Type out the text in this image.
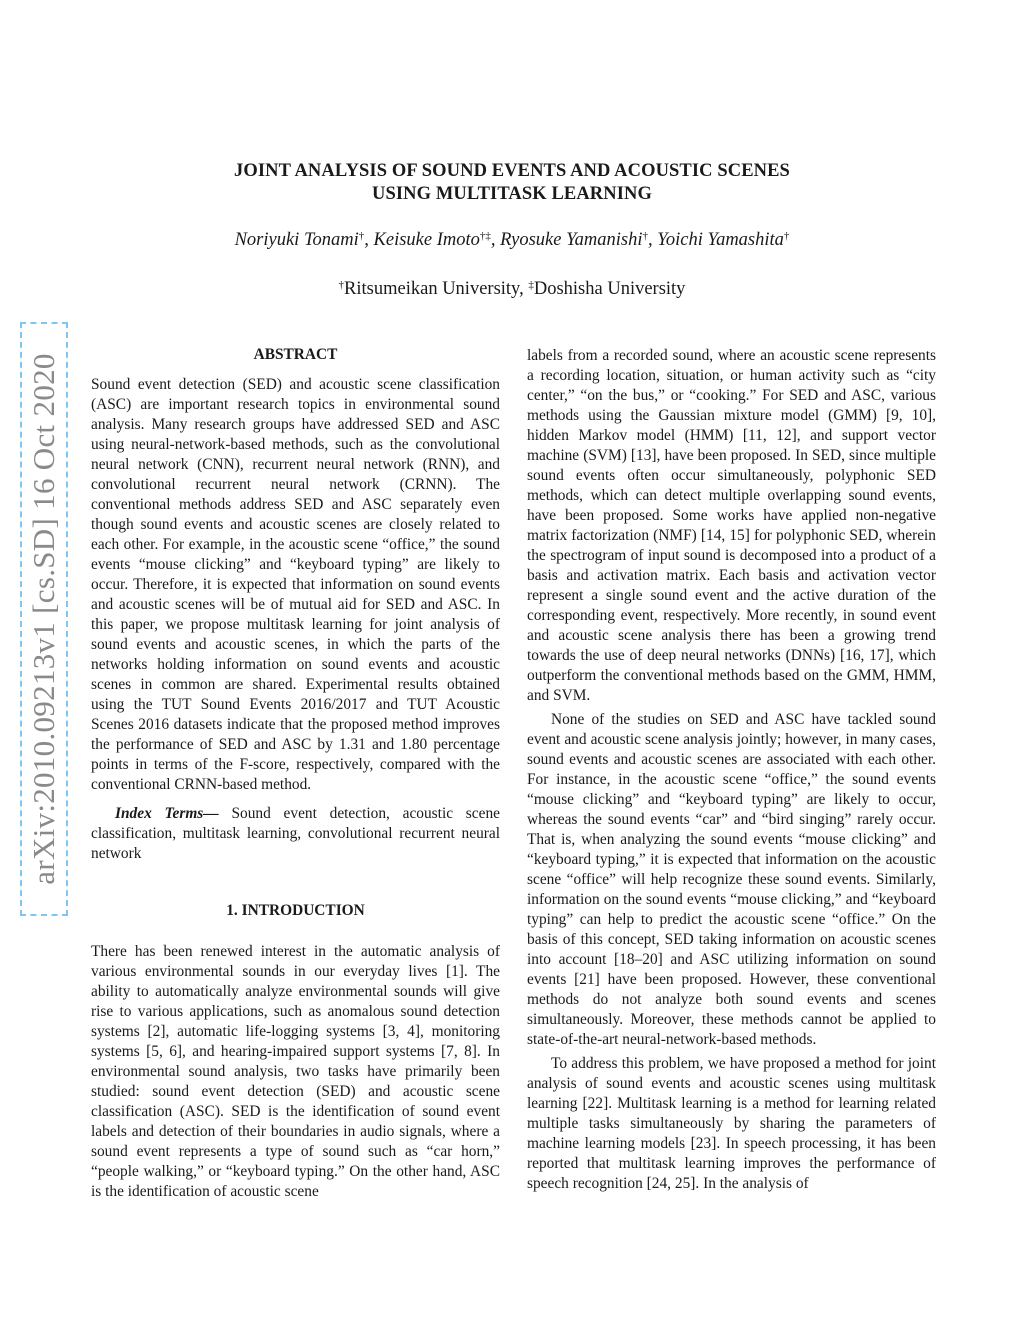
arXiv:2010.09213v1 [cs.SD] 16 Oct 2020
JOINT ANALYSIS OF SOUND EVENTS AND ACOUSTIC SCENES
USING MULTITASK LEARNING
Noriyuki Tonami†, Keisuke Imoto†‡, Ryosuke Yamanishi†, Yoichi Yamashita†
†Ritsumeikan University, ‡Doshisha University
ABSTRACT

Sound event detection (SED) and acoustic scene classification (ASC) are important research topics in environmental sound analysis. Many research groups have addressed SED and ASC using neural-network-based methods, such as the convolutional neural network (CNN), recurrent neural network (RNN), and convolutional recurrent neural network (CRNN). The conventional methods address SED and ASC separately even though sound events and acoustic scenes are closely related to each other. For example, in the acoustic scene “office,” the sound events “mouse clicking” and “keyboard typing” are likely to occur. Therefore, it is expected that information on sound events and acoustic scenes will be of mutual aid for SED and ASC. In this paper, we propose multitask learning for joint analysis of sound events and acoustic scenes, in which the parts of the networks holding information on sound events and acoustic scenes in common are shared. Experimental results obtained using the TUT Sound Events 2016/2017 and TUT Acoustic Scenes 2016 datasets indicate that the proposed method improves the performance of SED and ASC by 1.31 and 1.80 percentage points in terms of the F-score, respectively, compared with the conventional CRNN-based method.

Index Terms— Sound event detection, acoustic scene classification, multitask learning, convolutional recurrent neural network

1. INTRODUCTION

There has been renewed interest in the automatic analysis of various environmental sounds in our everyday lives [1]. The ability to automatically analyze environmental sounds will give rise to various applications, such as anomalous sound detection systems [2], automatic life-logging systems [3, 4], monitoring systems [5, 6], and hearing-impaired support systems [7, 8]. In environmental sound analysis, two tasks have primarily been studied: sound event detection (SED) and acoustic scene classification (ASC). SED is the identification of sound event labels and detection of their boundaries in audio signals, where a sound event represents a type of sound such as “car horn,” “people walking,” or “keyboard typing.” On the other hand, ASC is the identification of acoustic scene

labels from a recorded sound, where an acoustic scene represents a recording location, situation, or human activity such as “city center,” “on the bus,” or “cooking.” For SED and ASC, various methods using the Gaussian mixture model (GMM) [9, 10], hidden Markov model (HMM) [11, 12], and support vector machine (SVM) [13], have been proposed. In SED, since multiple sound events often occur simultaneously, polyphonic SED methods, which can detect multiple overlapping sound events, have been proposed. Some works have applied non-negative matrix factorization (NMF) [14, 15] for polyphonic SED, wherein the spectrogram of input sound is decomposed into a product of a basis and activation matrix. Each basis and activation vector represent a single sound event and the active duration of the corresponding event, respectively. More recently, in sound event and acoustic scene analysis there has been a growing trend towards the use of deep neural networks (DNNs) [16, 17], which outperform the conventional methods based on the GMM, HMM, and SVM.

None of the studies on SED and ASC have tackled sound event and acoustic scene analysis jointly; however, in many cases, sound events and acoustic scenes are associated with each other. For instance, in the acoustic scene “office,” the sound events “mouse clicking” and “keyboard typing” are likely to occur, whereas the sound events “car” and “bird singing” rarely occur. That is, when analyzing the sound events “mouse clicking” and “keyboard typing,” it is expected that information on the acoustic scene “office” will help recognize these sound events. Similarly, information on the sound events “mouse clicking,” and “keyboard typing” can help to predict the acoustic scene “office.” On the basis of this concept, SED taking information on acoustic scenes into account [18–20] and ASC utilizing information on sound events [21] have been proposed. However, these conventional methods do not analyze both sound events and scenes simultaneously. Moreover, these methods cannot be applied to state-of-the-art neural-network-based methods.

To address this problem, we have proposed a method for joint analysis of sound events and acoustic scenes using multitask learning [22]. Multitask learning is a method for learning related multiple tasks simultaneously by sharing the parameters of machine learning models [23]. In speech processing, it has been reported that multitask learning improves the performance of speech recognition [24, 25]. In the analysis of
